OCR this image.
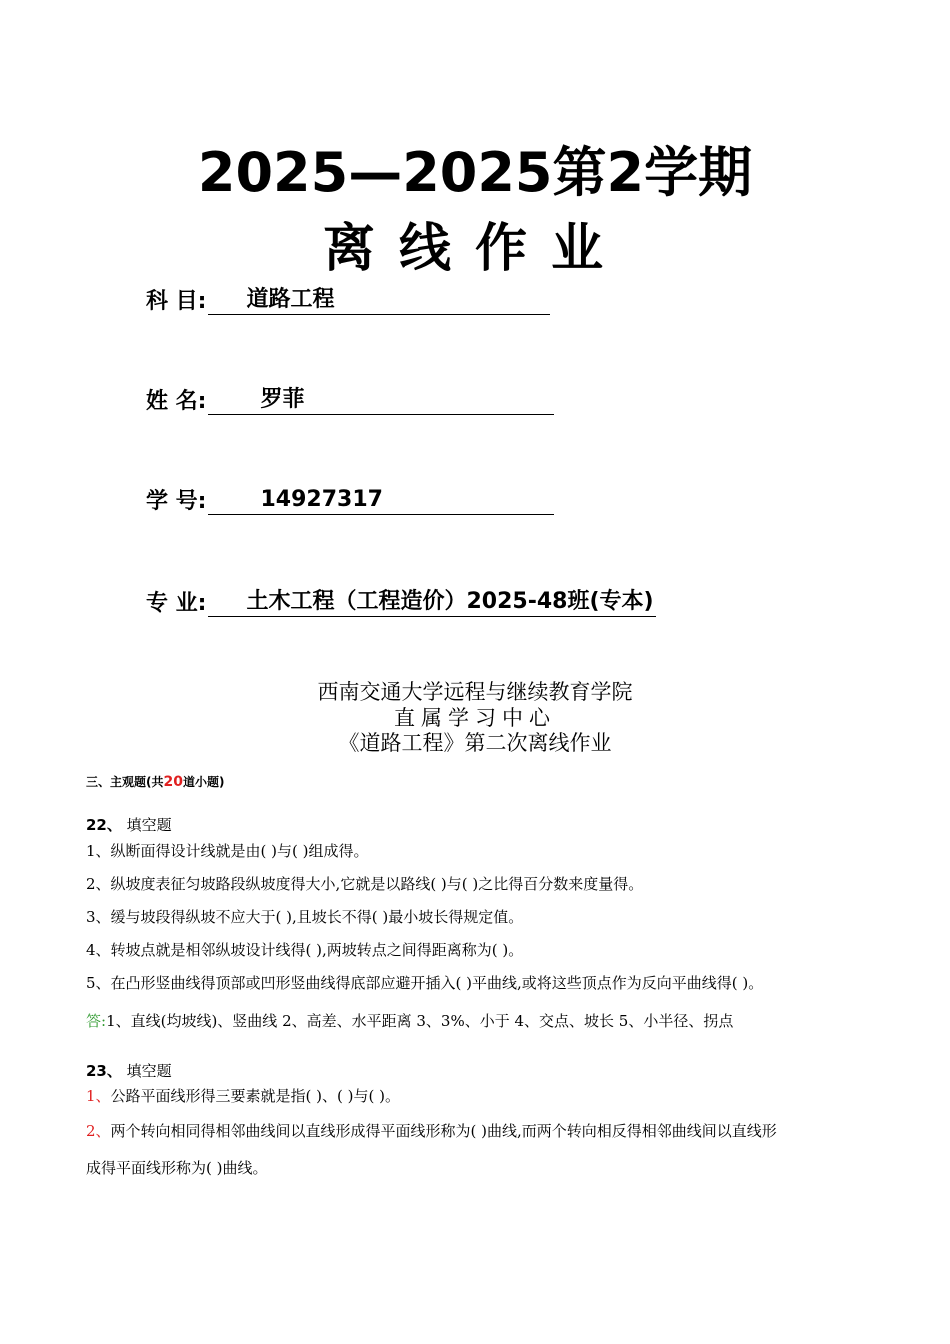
2025—2025第2学期
离线作业
科 目:	道路工程
姓 名:	罗菲
学 号:	14927317
专 业:	土木工程（工程造价）2025-48班(专本)
西南交通大学远程与继续教育学院
直属学习中心
《道路工程》第二次离线作业
三、主观题(共20道小题)
22、 填空题
1、纵断面得设计线就是由( )与( )组成得。
2、纵坡度表征匀坡路段纵坡度得大小,它就是以路线( )与( )之比得百分数来度量得。
3、缓与坡段得纵坡不应大于( ),且坡长不得( )最小坡长得规定值。
4、转坡点就是相邻纵坡设计线得( ),两坡转点之间得距离称为( )。
5、在凸形竖曲线得顶部或凹形竖曲线得底部应避开插入( )平曲线,或将这些顶点作为反向平曲线得( )。
答:1、直线(均坡线)、竖曲线 2、高差、水平距离 3、3%、小于 4、交点、坡长 5、小半径、拐点
23、 填空题
1、公路平面线形得三要素就是指( )、( )与( )。
2、两个转向相同得相邻曲线间以直线形成得平面线形称为( )曲线,而两个转向相反得相邻曲线间以直线形
成得平面线形称为( )曲线。
